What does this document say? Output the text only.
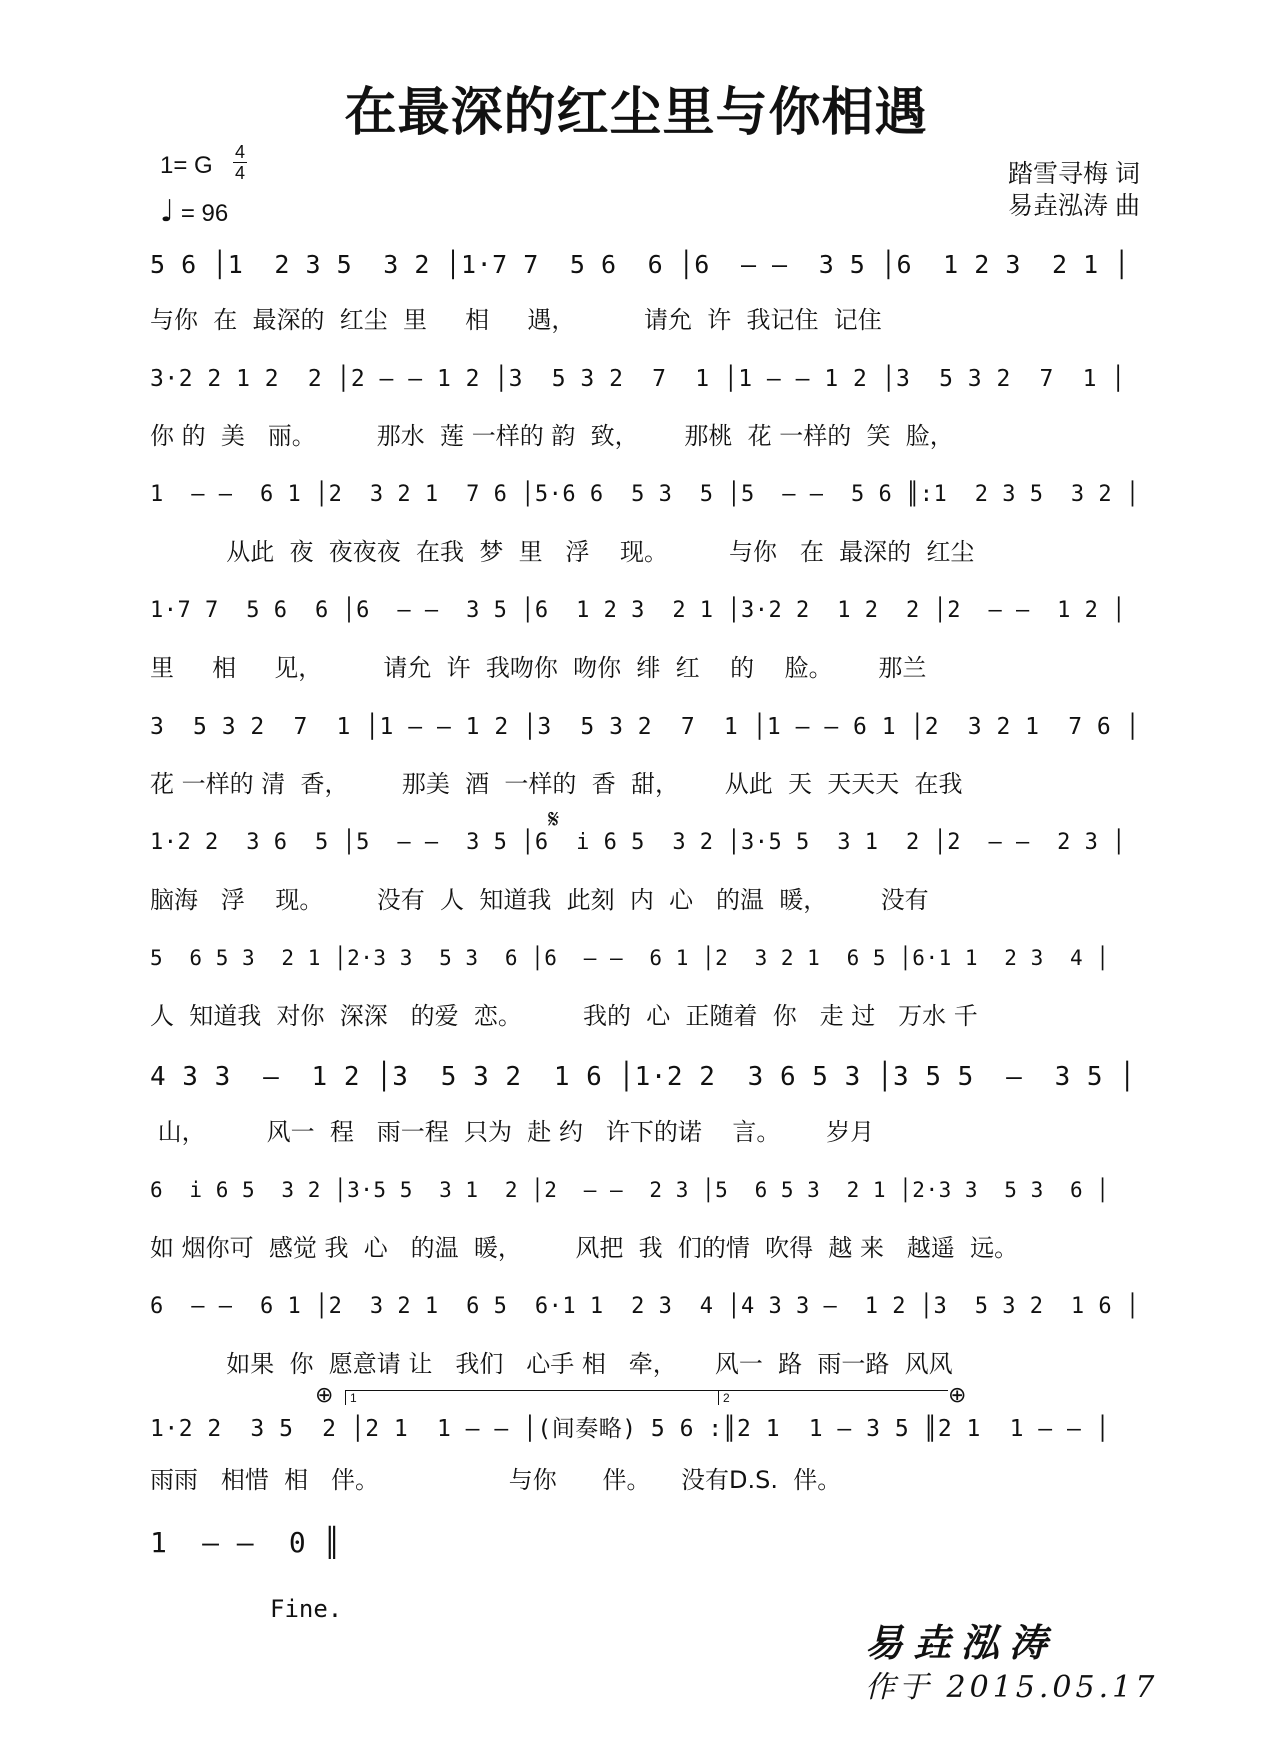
在最深的红尘里与你相遇
1= G 4
4
♩ = 96
踏雪寻梅 词
易垚泓涛 曲
5 6 │1  2 3 5  3 2 │1·7 7  5 6  6 │6  ― ―  3 5 │6  1 2 3  2 1 │
与你  在  最深的  红尘  里     相     遇，         请允  许  我记住  记住
3·2 2 1 2  2 │2 ― ― 1 2 │3  5 3 2  7  1 │1 ― ― 1 2 │3  5 3 2  7  1 │
你 的  美   丽。        那水  莲 一样的 韵  致，      那桃  花 一样的  笑  脸，
1  ― ―  6 1 │2  3 2 1  7 6 │5·6 6  5 3  5 │5  ― ―  5 6 ║:1  2 3 5  3 2 │
从此  夜  夜夜夜  在我  梦  里   浮    现。        与你   在  最深的  红尘
1·7 7  5 6  6 │6  ― ―  3 5 │6  1 2 3  2 1 │3·2 2  1 2  2 │2  ― ―  1 2 │
里     相     见，        请允  许  我吻你  吻你  绯  红    的    脸。      那兰
3  5 3 2  7  1 │1 ― ― 1 2 │3  5 3 2  7  1 │1 ― ― 6 1 │2  3 2 1  7 6 │
花 一样的 清  香，       那美  酒  一样的  香  甜，      从此  天  天天天  在我
1·2 2  3 6  5 │5  ― ―  3 5 │6  i 6 5  3 2 │3·5 5  3 1  2 │2  ― ―  2 3 │
脑海   浮    现。       没有  人  知道我  此刻  内  心   的温  暖，       没有
5  6 5 3  2 1 │2·3 3  5 3  6 │6  ― ―  6 1 │2  3 2 1  6 5 │6·1 1  2 3  4 │
人  知道我  对你  深深   的爱  恋。        我的  心  正随着  你   走 过   万水 千
4 3 3  ―  1 2 │3  5 3 2  1 6 │1·2 2  3 6 5 3 │3 5 5  ―  3 5 │
山，        风一  程   雨一程  只为  赴 约   许下的诺    言。      岁月
6  i 6 5  3 2 │3·5 5  3 1  2 │2  ― ―  2 3 │5  6 5 3  2 1 │2·3 3  5 3  6 │
如 烟你可  感觉 我  心   的温  暖，       风把  我  们的情  吹得  越 来   越遥  远。
6  ― ―  6 1 │2  3 2 1  6 5  6·1 1  2 3  4 │4 3 3 ―  1 2 │3  5 3 2  1 6 │
如果  你  愿意请 让   我们   心手 相   牵，     风一  路  雨一路  风风
1·2 2  3 5  2 │2 1  1 ― ― │(间奏略) 5 6 :║2 1  1 ― 3 5 ║2 1  1 ― ― │
雨雨   相惜  相   伴。                 与你      伴。    没有D.S.  伴。
1  ― ―  0 ║
𝄋
⊕	⊕
1	2
Fine.
易垚泓涛
作于 2015.05.17
